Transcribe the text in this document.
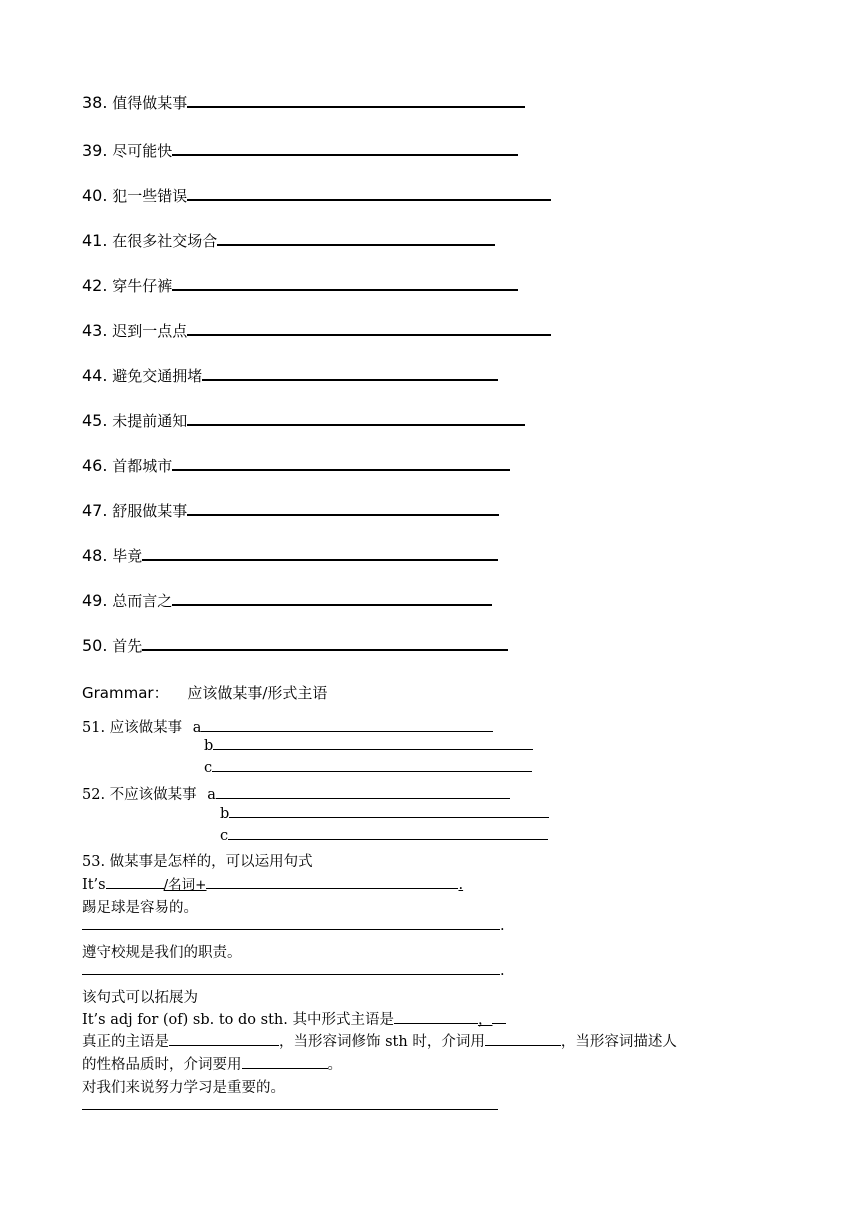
38. 值得做某事
39. 尽可能快
40. 犯一些错误
41. 在很多社交场合
42. 穿牛仔裤
43. 迟到一点点
44. 避免交通拥堵
45. 未提前通知
46. 首都城市
47. 舒服做某事
48. 毕竟
49. 总而言之
50. 首先
Grammar： 应该做某事/形式主语
51. 应该做某事 a
b
c
52. 不应该做某事 a
b
c
53. 做某事是怎样的，可以运用句式
It’s	/名词+	.
踢足球是容易的。
.
遵守校规是我们的职责。
.
该句式可以拓展为
It’s adj for (of) sb. to do sth. 其中形式主语是	，
真正的主语是	，当形容词修饰 sth 时，介词用	，当形容词描述人
的性格品质时，介词要用	。
对我们来说努力学习是重要的。
